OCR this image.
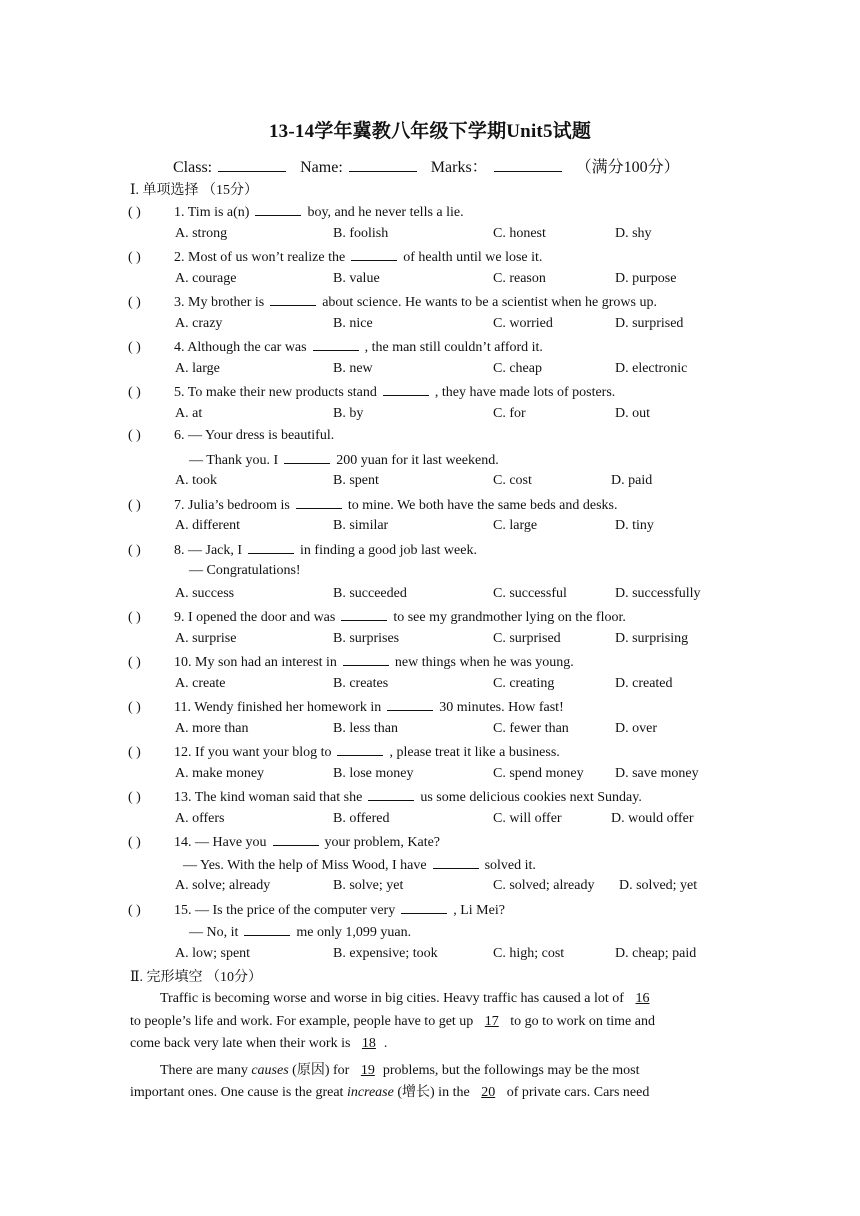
13-14学年冀教八年级下学期Unit5试题
Class:	Name:	Marks：	（满分100分）
Ⅰ. 单项选择 （15分）
( ) 1. Tim is a(n)	boy, and he never tells a lie.
A. strong	B. foolish	C. honest	D. shy
( ) 2. Most of us won’t realize the	of health until we lose it.
A. courage	B. value	C. reason	D. purpose
( ) 3. My brother is	about science. He wants to be a scientist when he grows up.
A. crazy	B. nice	C. worried	D. surprised
( ) 4. Although the car was	, the man still couldn’t afford it.
A. large	B. new	C. cheap	D. electronic
( ) 5. To make their new products stand	, they have made lots of posters.
A. at	B. by	C. for	D. out
( ) 6. — Your dress is beautiful.
— Thank you. I	200 yuan for it last weekend.
A. took	B. spent	C. cost	D. paid
( ) 7. Julia’s bedroom is	to mine. We both have the same beds and desks.
A. different	B. similar	C. large	D. tiny
( ) 8. — Jack, I	in finding a good job last week.
— Congratulations!
A. success	B. succeeded	C. successful	D. successfully
( ) 9. I opened the door and was	to see my grandmother lying on the floor.
A. surprise	B. surprises	C. surprised	D. surprising
( ) 10. My son had an interest in	new things when he was young.
A. create	B. creates	C. creating	D. created
( ) 11. Wendy finished her homework in	30 minutes. How fast!
A. more than	B. less than	C. fewer than	D. over
( ) 12. If you want your blog to	, please treat it like a business.
A. make money	B. lose money	C. spend money D. save money
( ) 13. The kind woman said that she	us some delicious cookies next Sunday.
A. offers	B. offered	C. will offer	D. would offer
( ) 14. — Have you	your problem, Kate?
— Yes. With the help of Miss Wood, I have	solved it.
A. solve; already	B. solve; yet	C. solved; already D. solved; yet
( ) 15. — Is the price of the computer very	, Li Mei?
— No, it	me only 1,099 yuan.
A. low; spent	B. expensive; took	C. high; cost	D. cheap; paid
Ⅱ. 完形填空 （10分）
Traffic is becoming worse and worse in big cities. Heavy traffic has caused a lot of 16
to people’s life and work. For example, people have to get up 17 to go to work on time and
come back very late when their work is 18 .
There are many causes (原因) for 19 problems, but the followings may be the most
important ones. One cause is the great increase (增长) in the 20 of private cars. Cars need
